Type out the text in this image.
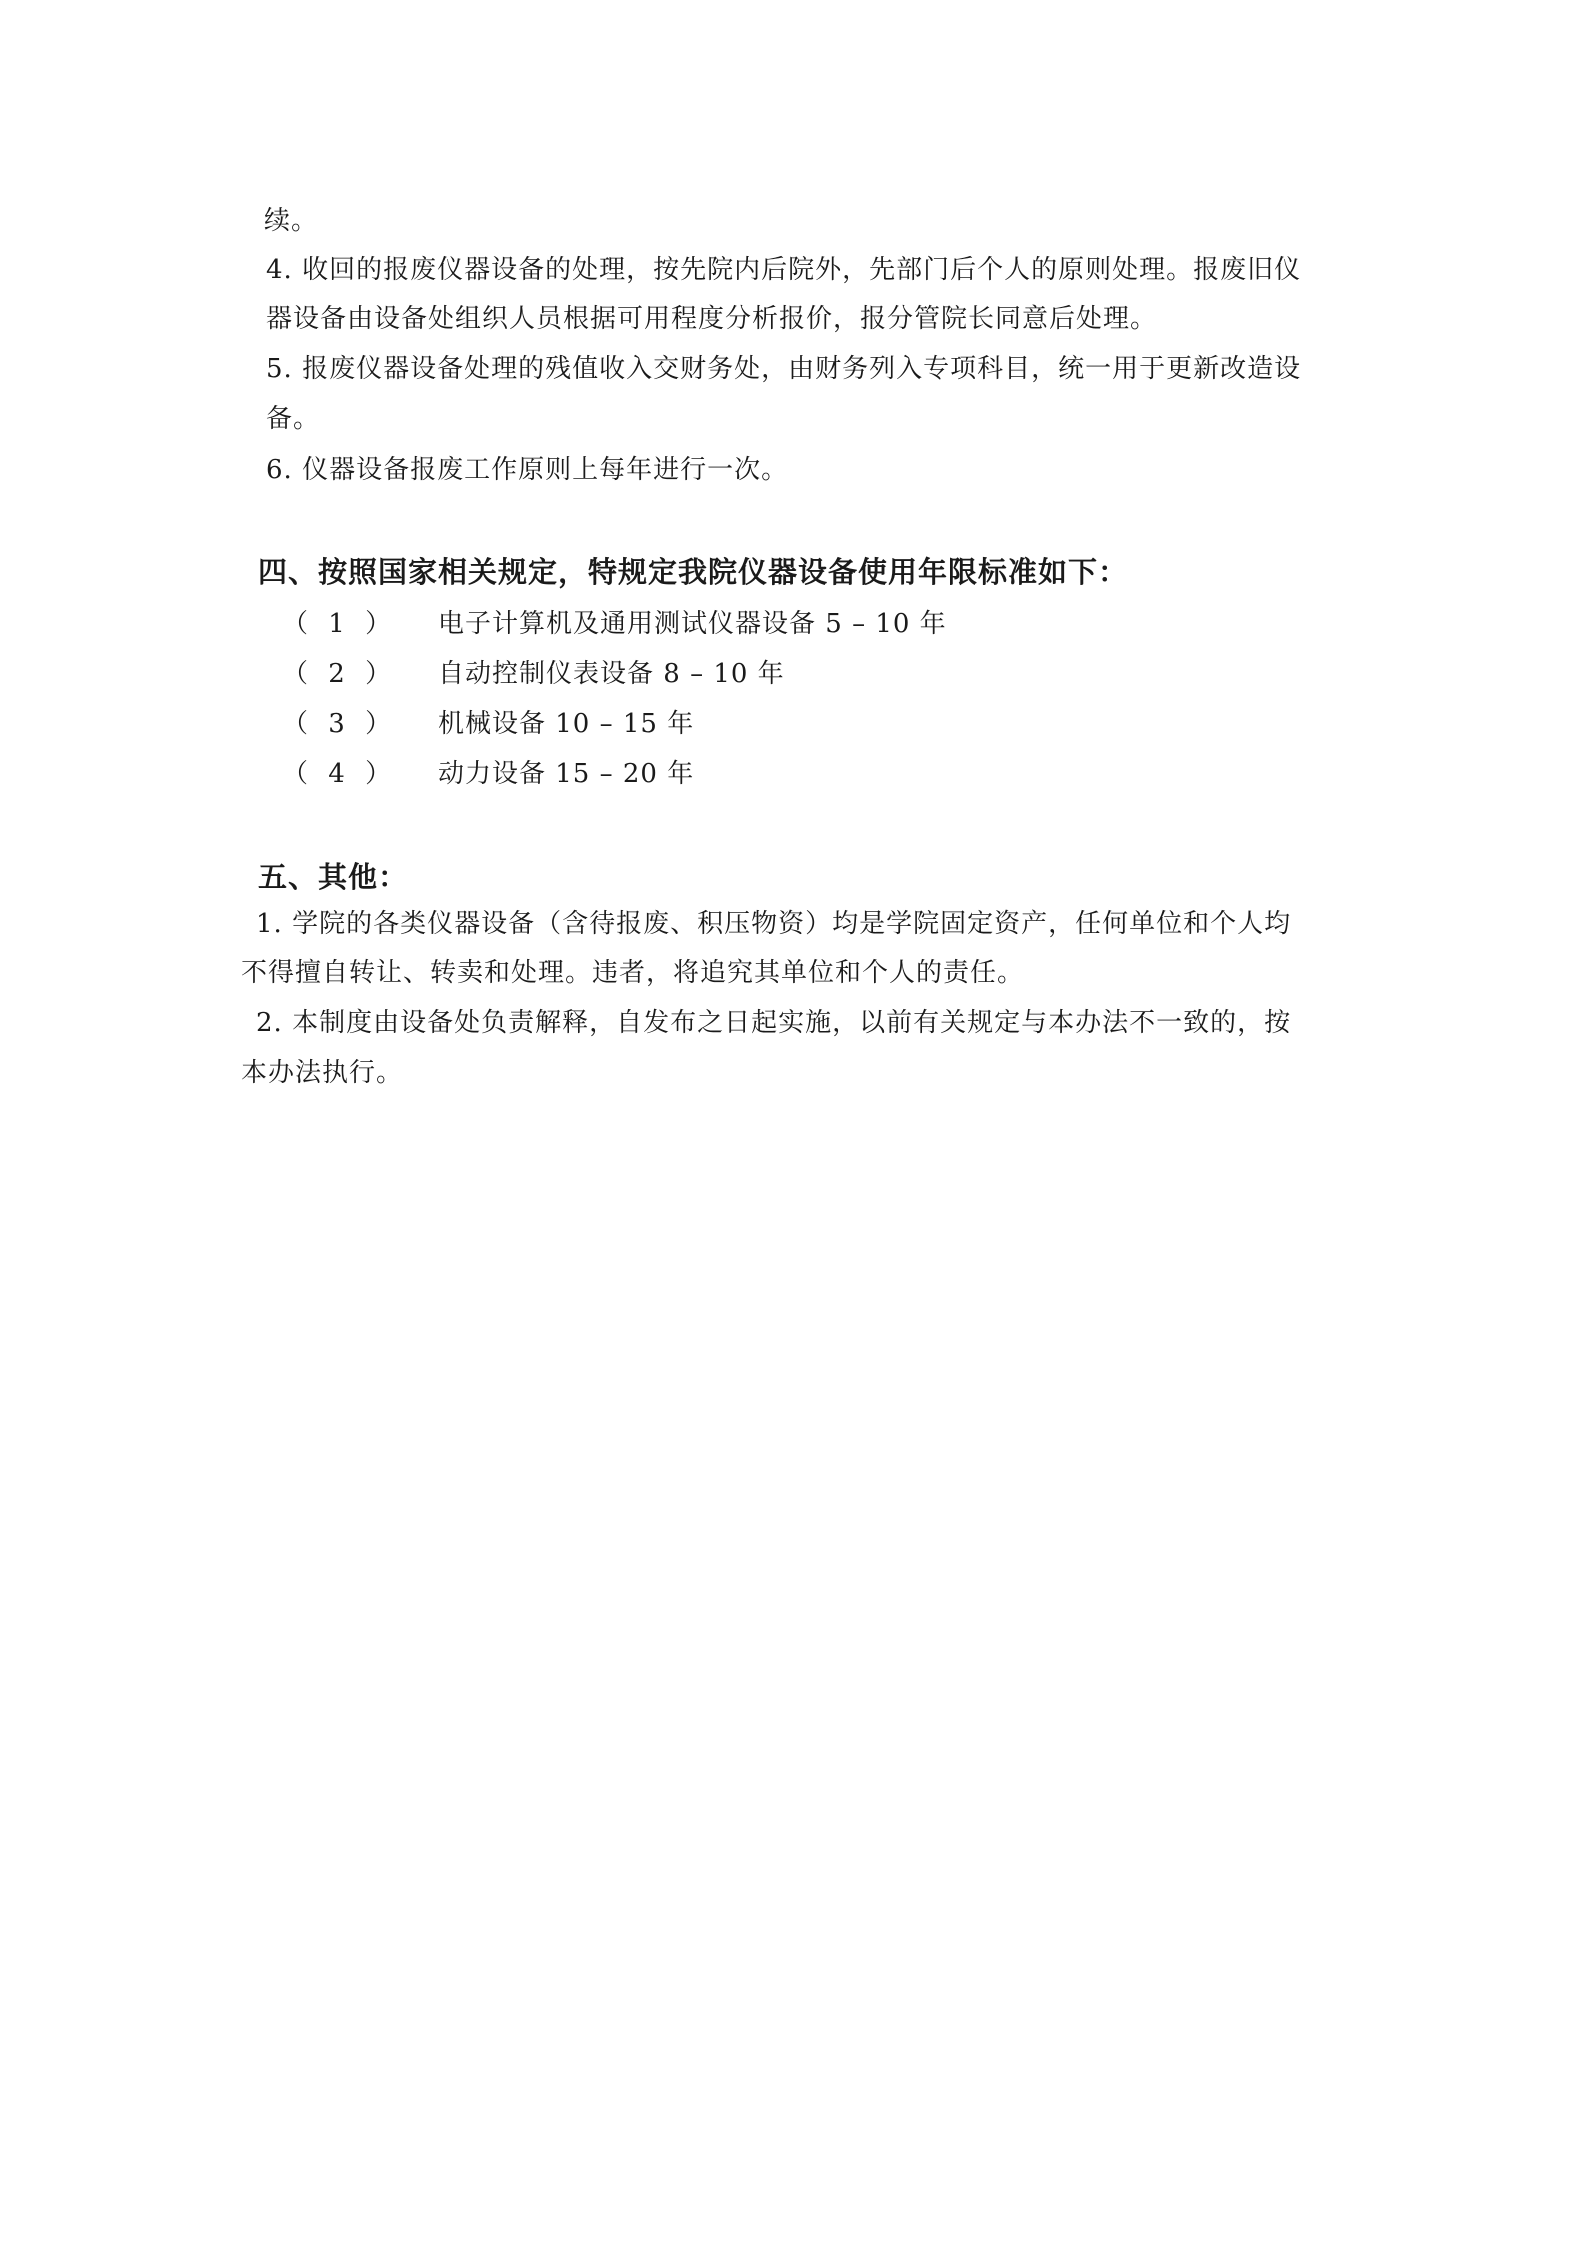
续。
4. 收回的报废仪器设备的处理，按先院内后院外，先部门后个人的原则处理。报废旧仪
器设备由设备处组织人员根据可用程度分析报价，报分管院长同意后处理。
5. 报废仪器设备处理的残值收入交财务处，由财务列入专项科目，统一用于更新改造设
备。
6. 仪器设备报废工作原则上每年进行一次。
四、按照国家相关规定，特规定我院仪器设备使用年限标准如下：
（ 1 ） 电子计算机及通用测试仪器设备 5 – 10 年
（ 2 ） 自动控制仪表设备 8 – 10 年
（ 3 ） 机械设备 10 – 15 年
（ 4 ） 动力设备 15 – 20 年
五、其他：
1. 学院的各类仪器设备（含待报废、积压物资）均是学院固定资产，任何单位和个人均
不得擅自转让、转卖和处理。违者，将追究其单位和个人的责任。
2. 本制度由设备处负责解释，自发布之日起实施，以前有关规定与本办法不一致的，按
本办法执行。
